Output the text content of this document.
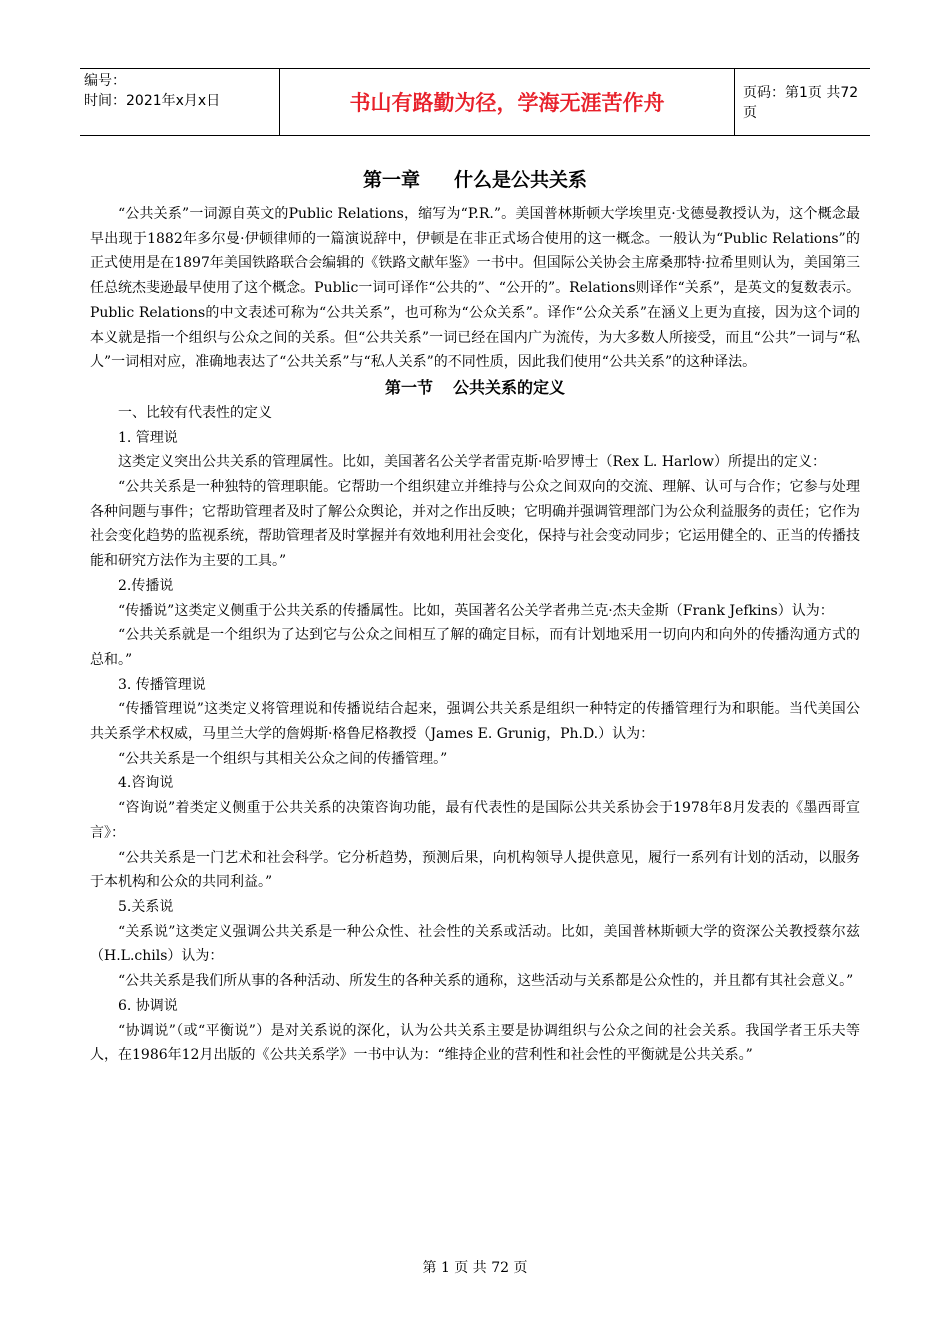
编号：
时间：2021年x月x日	书山有路勤为径，学海无涯苦作舟	页码：第1页 共72页
第一章 什么是公共关系

“公共关系”一词源自英文的Public Relations，缩写为“P.R.”。美国普林斯顿大学埃里克·戈德曼教授认为，这个概念最早出现于1882年多尔曼·伊顿律师的一篇演说辞中，伊顿是在非正式场合使用的这一概念。一般认为“Public Relations”的正式使用是在1897年美国铁路联合会编辑的《铁路文献年鉴》一书中。但国际公关协会主席桑那特·拉希里则认为，美国第三任总统杰斐逊最早使用了这个概念。Public一词可译作“公共的”、“公开的”。Relations则译作“关系”，是英文的复数表示。Public Relations的中文表述可称为“公共关系”，也可称为“公众关系”。译作“公众关系”在涵义上更为直接，因为这个词的本义就是指一个组织与公众之间的关系。但“公共关系”一词已经在国内广为流传，为大多数人所接受，而且“公共”一词与“私人”一词相对应，准确地表达了“公共关系”与“私人关系”的不同性质，因此我们使用“公共关系”的这种译法。

第一节 公共关系的定义

一、比较有代表性的定义

1. 管理说

这类定义突出公共关系的管理属性。比如，美国著名公关学者雷克斯·哈罗博士（Rex L. Harlow）所提出的定义：

“公共关系是一种独特的管理职能。它帮助一个组织建立并维持与公众之间双向的交流、理解、认可与合作；它参与处理各种问题与事件；它帮助管理者及时了解公众舆论，并对之作出反映；它明确并强调管理部门为公众利益服务的责任；它作为社会变化趋势的监视系统，帮助管理者及时掌握并有效地利用社会变化，保持与社会变动同步；它运用健全的、正当的传播技能和研究方法作为主要的工具。”

2.传播说

“传播说”这类定义侧重于公共关系的传播属性。比如，英国著名公关学者弗兰克·杰夫金斯（Frank Jefkins）认为：

“公共关系就是一个组织为了达到它与公众之间相互了解的确定目标，而有计划地采用一切向内和向外的传播沟通方式的总和。”

3. 传播管理说

“传播管理说”这类定义将管理说和传播说结合起来，强调公共关系是组织一种特定的传播管理行为和职能。当代美国公共关系学术权威，马里兰大学的詹姆斯·格鲁尼格教授（James E. Grunig，Ph.D.）认为：

“公共关系是一个组织与其相关公众之间的传播管理。”

4.咨询说

“咨询说”着类定义侧重于公共关系的决策咨询功能，最有代表性的是国际公共关系协会于1978年8月发表的《墨西哥宣言》：

“公共关系是一门艺术和社会科学。它分析趋势，预测后果，向机构领导人提供意见，履行一系列有计划的活动，以服务于本机构和公众的共同利益。”

5.关系说

“关系说”这类定义强调公共关系是一种公众性、社会性的关系或活动。比如，美国普林斯顿大学的资深公关教授蔡尔兹（H.L.chils）认为：

“公共关系是我们所从事的各种活动、所发生的各种关系的通称，这些活动与关系都是公众性的，并且都有其社会意义。”

6. 协调说

“协调说”（或“平衡说”）是对关系说的深化，认为公共关系主要是协调组织与公众之间的社会关系。我国学者王乐夫等人，在1986年12月出版的《公共关系学》一书中认为：“维持企业的营利性和社会性的平衡就是公共关系。”

第 1 页 共 72 页
